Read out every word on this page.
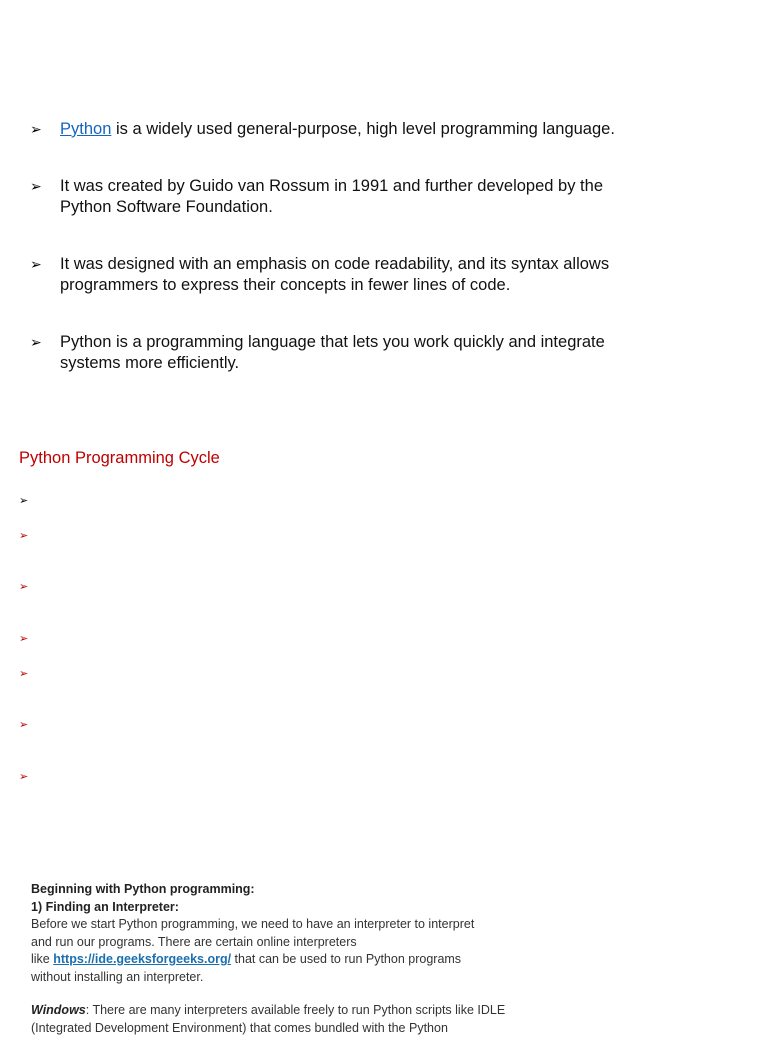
➢ Python is a widely used general-purpose, high level programming language.
➢ It was created by Guido van Rossum in 1991 and further developed by the
Python Software Foundation.
➢ It was designed with an emphasis on code readability, and its syntax allows
programmers to express their concepts in fewer lines of code.
➢ Python is a programming language that lets you work quickly and integrate
systems more efficiently.
Python Programming Cycle
➢
➢
➢
➢
➢
➢
➢
Beginning with Python programming:
1) Finding an Interpreter:
Before we start Python programming, we need to have an interpreter to interpret
and run our programs. There are certain online interpreters
like https://ide.geeksforgeeks.org/ that can be used to run Python programs
without installing an interpreter.
Windows: There are many interpreters available freely to run Python scripts like IDLE
(Integrated Development Environment) that comes bundled with the Python
